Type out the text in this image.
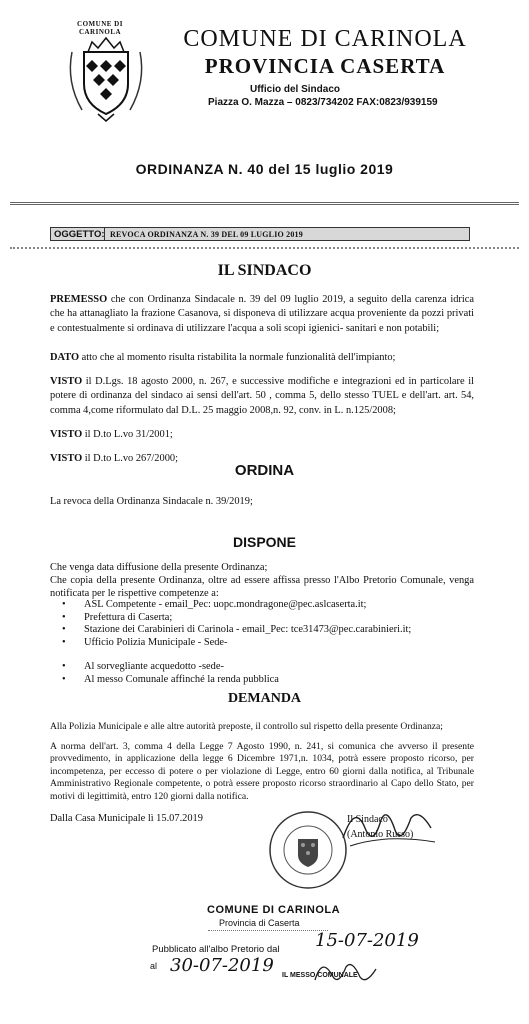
COMUNE DI CARINOLA	COMUNE DI CARINOLA
PROVINCIA CASERTA
Ufficio del Sindaco
Piazza O. Mazza – 0823/734202 FAX:0823/939159
ORDINANZA N. 40 del 15 luglio 2019
OGGETTO: REVOCA ORDINANZA N. 39 DEL 09 LUGLIO 2019
IL SINDACO
PREMESSO che con Ordinanza Sindacale n. 39 del 09 luglio 2019, a seguito della carenza idrica che ha attanagliato la frazione Casanova, si disponeva di utilizzare acqua proveniente da pozzi privati e contestualmente si ordinava di utilizzare l'acqua a soli scopi igienici- sanitari e non potabili;
DATO atto che al momento risulta ristabilita la normale funzionalità dell'impianto;
VISTO il D.Lgs. 18 agosto 2000, n. 267, e successive modifiche e integrazioni ed in particolare il potere di ordinanza del sindaco ai sensi dell'art. 50 , comma 5, dello stesso TUEL e dell'art. art. 54, comma 4,come riformulato dal D.L. 25 maggio 2008,n. 92, conv. in L. n.125/2008;
VISTO il D.to L.vo 31/2001;
VISTO il D.to L.vo 267/2000;
ORDINA
La revoca della Ordinanza Sindacale n. 39/2019;
DISPONE
Che venga data diffusione della presente Ordinanza;
Che copia della presente Ordinanza, oltre ad essere affissa presso l'Albo Pretorio Comunale, venga notificata per le rispettive competenze a:
• ASL Competente - email_Pec: uopc.mondragone@pec.aslcaserta.it;
• Prefettura di Caserta;
• Stazione dei Carabinieri di Carinola - email_Pec: tce31473@pec.carabinieri.it;
• Ufficio Polizia Municipale - Sede-
• Al sorvegliante acquedotto -sede-
• Al messo Comunale affinché la renda pubblica
DEMANDA
Alla Polizia Municipale e alle altre autorità preposte, il controllo sul rispetto della presente Ordinanza;
A norma dell'art. 3, comma 4 della Legge 7 Agosto 1990, n. 241, si comunica che avverso il presente provvedimento, in applicazione della legge 6 Dicembre 1971,n. 1034, potrà essere proposto ricorso, per incompetenza, per eccesso di potere o per violazione di Legge, entro 60 giorni dalla notifica, al Tribunale Amministrativo Regionale competente, o potrà essere proposto ricorso straordinario al Capo dello Stato, per motivi di legittimità, entro 120 giorni dalla notifica.
Dalla Casa Municipale lì 15.07.2019	Il Sindaco
(Antonio Russo)
COMUNE DI CARINOLA
Provincia di Caserta
Pubblicato all'albo Pretorio dal 15-07-2019
al 30-07-2019 IL MESSO COMUNALE
